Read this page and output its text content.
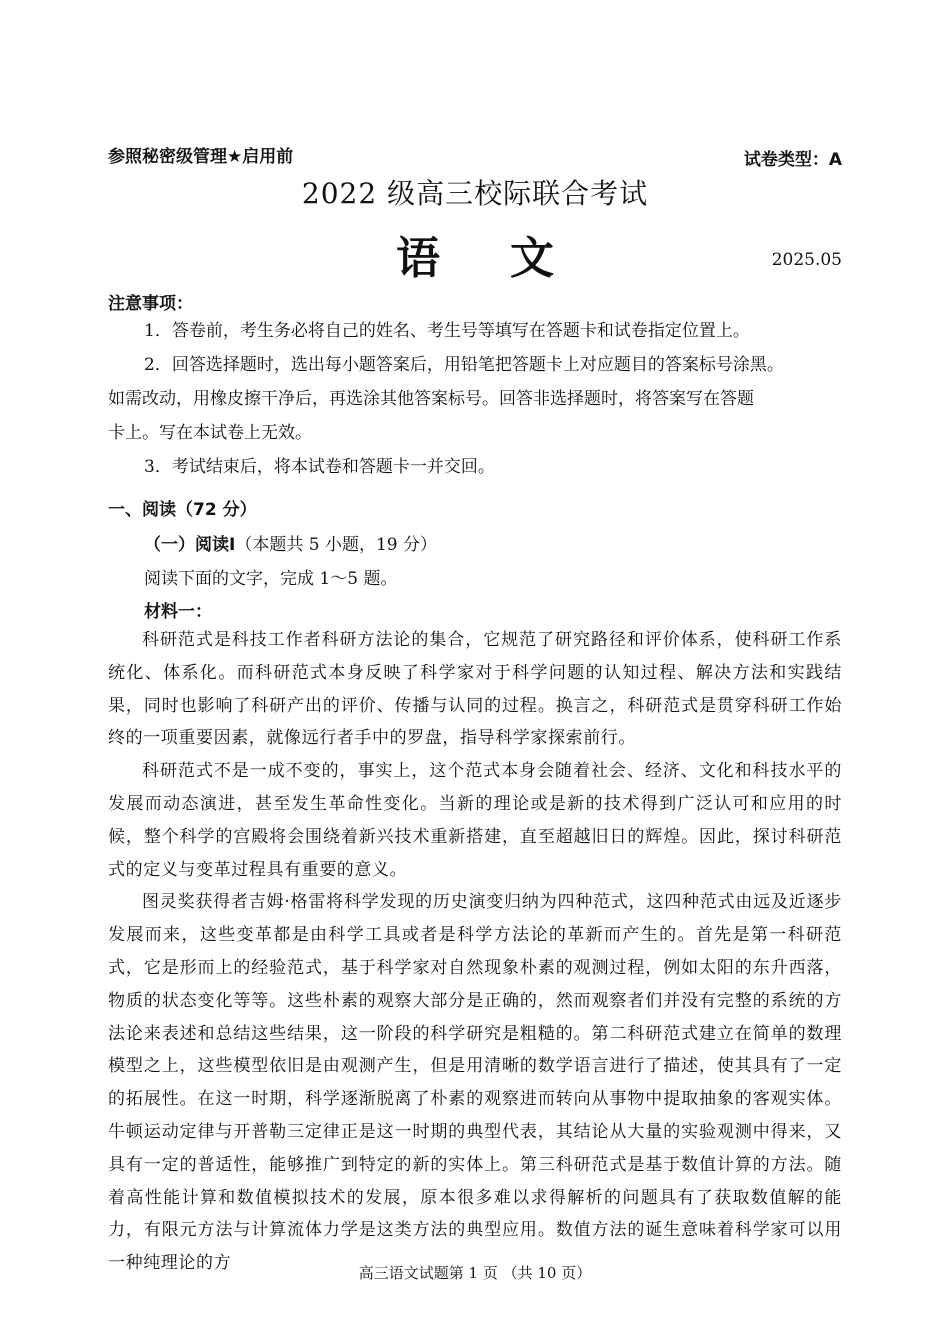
参照秘密级管理★启用前	试卷类型：A
2022 级高三校际联合考试
语文	2025.05
注意事项：
1．答卷前，考生务必将自己的姓名、考生号等填写在答题卡和试卷指定位置上。
2．回答选择题时，选出每小题答案后，用铅笔把答题卡上对应题目的答案标号涂黑。
如需改动，用橡皮擦干净后，再选涂其他答案标号。回答非选择题时，将答案写在答题
卡上。写在本试卷上无效。
3．考试结束后，将本试卷和答题卡一并交回。
一、阅读（72 分）
（一）阅读Ⅰ（本题共 5 小题，19 分）
阅读下面的文字，完成 1～5 题。
材料一：

科研范式是科技工作者科研方法论的集合，它规范了研究路径和评价体系，使科研工作系统化、体系化。而科研范式本身反映了科学家对于科学问题的认知过程、解决方法和实践结果，同时也影响了科研产出的评价、传播与认同的过程。换言之，科研范式是贯穿科研工作始终的一项重要因素，就像远行者手中的罗盘，指导科学家探索前行。

科研范式不是一成不变的，事实上，这个范式本身会随着社会、经济、文化和科技水平的发展而动态演进，甚至发生革命性变化。当新的理论或是新的技术得到广泛认可和应用的时候，整个科学的宫殿将会围绕着新兴技术重新搭建，直至超越旧日的辉煌。因此，探讨科研范式的定义与变革过程具有重要的意义。

图灵奖获得者吉姆·格雷将科学发现的历史演变归纳为四种范式，这四种范式由远及近逐步发展而来，这些变革都是由科学工具或者是科学方法论的革新而产生的。首先是第一科研范式，它是形而上的经验范式，基于科学家对自然现象朴素的观测过程，例如太阳的东升西落，物质的状态变化等等。这些朴素的观察大部分是正确的，然而观察者们并没有完整的系统的方法论来表述和总结这些结果，这一阶段的科学研究是粗糙的。第二科研范式建立在简单的数理模型之上，这些模型依旧是由观测产生，但是用清晰的数学语言进行了描述，使其具有了一定的拓展性。在这一时期，科学逐渐脱离了朴素的观察进而转向从事物中提取抽象的客观实体。牛顿运动定律与开普勒三定律正是这一时期的典型代表，其结论从大量的实验观测中得来，又具有一定的普适性，能够推广到特定的新的实体上。第三科研范式是基于数值计算的方法。随着高性能计算和数值模拟技术的发展，原本很多难以求得解析的问题具有了获取数值解的能力，有限元方法与计算流体力学是这类方法的典型应用。数值方法的诞生意味着科学家可以用一种纯理论的方	高三语文试题第 1 页 （共 10 页）
